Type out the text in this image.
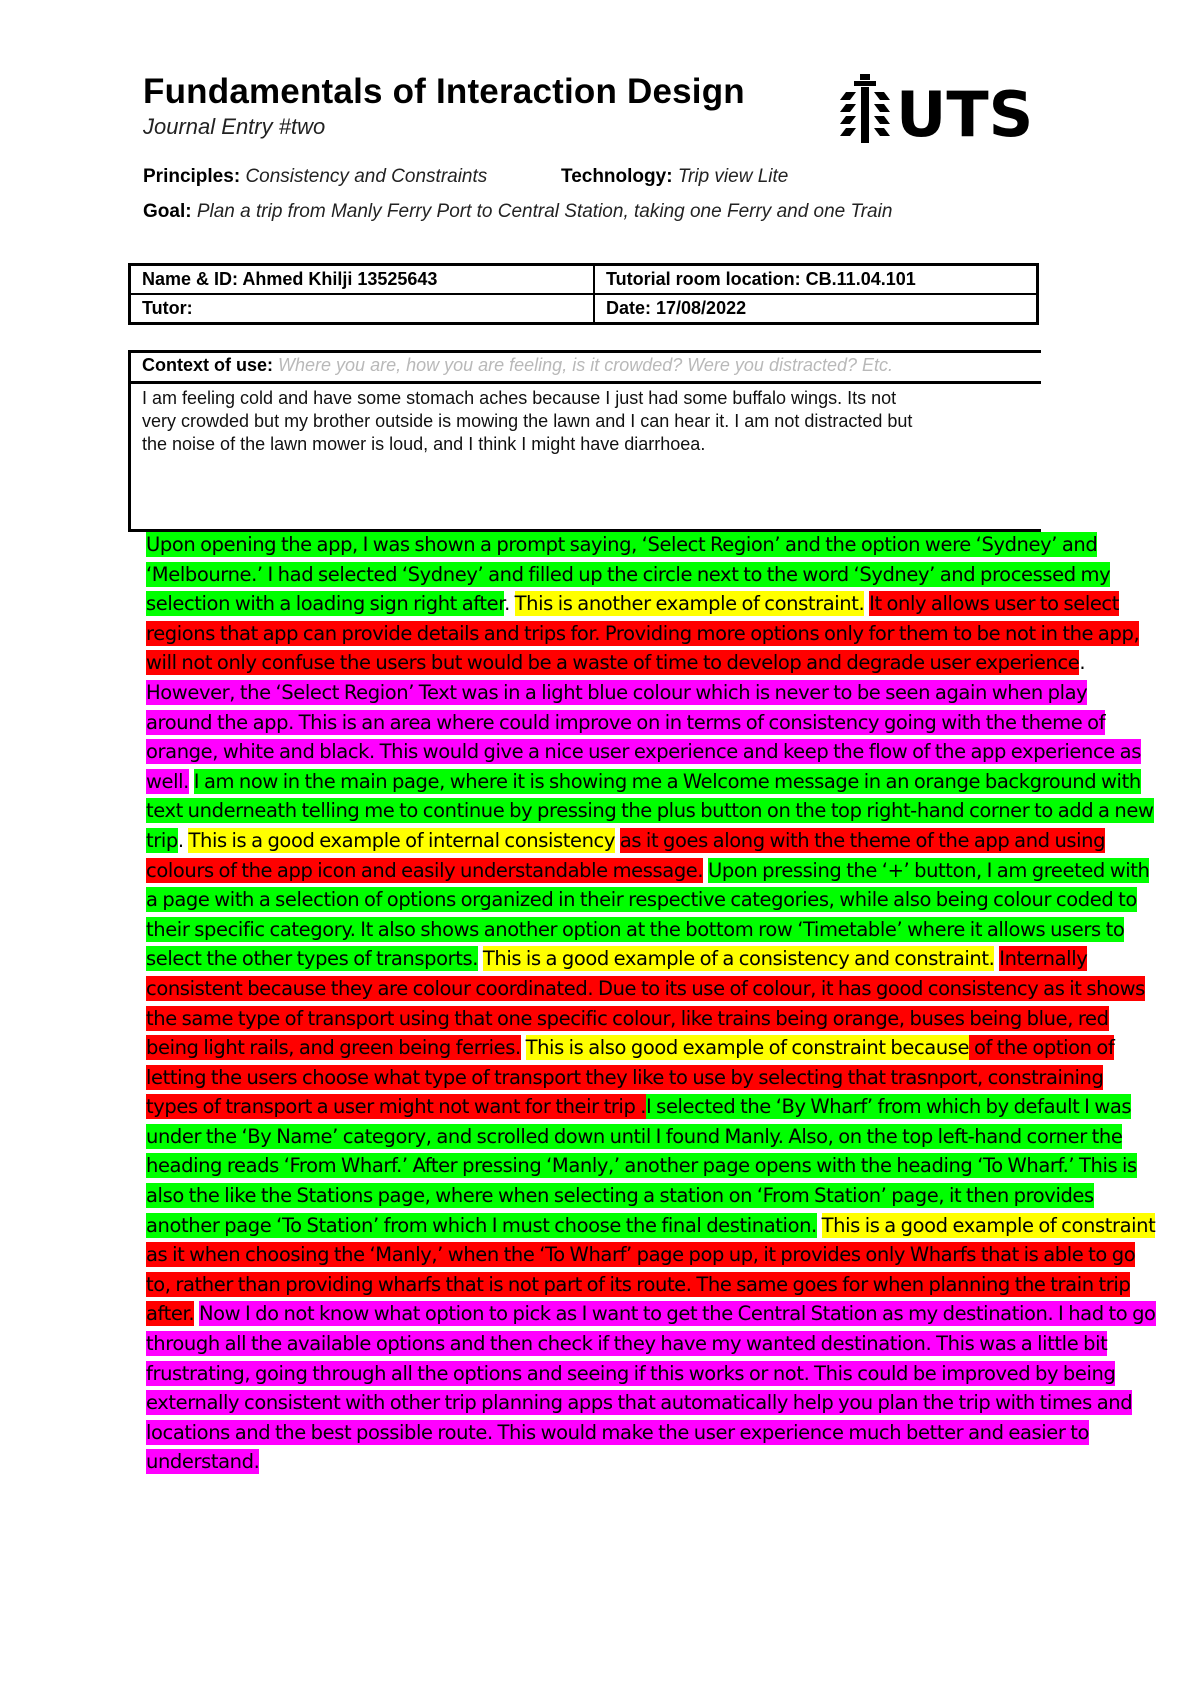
Fundamentals of Interaction Design
Journal Entry #two	UTS
Principles: Consistency and Constraints	Technology: Trip view Lite
Goal: Plan a trip from Manly Ferry Port to Central Station, taking one Ferry and one Train
Name & ID: Ahmed Khilji 13525643	Tutorial room location: CB.11.04.101
Tutor:	Date: 17/08/2022
Context of use: Where you are, how you are feeling, is it crowded? Were you distracted? Etc.
I am feeling cold and have some stomach aches because I just had some buffalo wings. Its not
very crowded but my brother outside is mowing the lawn and I can hear it. I am not distracted but
the noise of the lawn mower is loud, and I think I might have diarrhoea.
Upon opening the app, I was shown a prompt saying, ‘Select Region’ and the option were ‘Sydney’ and ‘Melbourne.’ I had selected ‘Sydney’ and filled up the circle next to the word ‘Sydney’ and processed my selection with a loading sign right after. This is another example of constraint. It only allows user to select regions that app can provide details and trips for. Providing more options only for them to be not in the app, will not only confuse the users but would be a waste of time to develop and degrade user experience. However, the ‘Select Region’ Text was in a light blue colour which is never to be seen again when play around the app. This is an area where could improve on in terms of consistency going with the theme of orange, white and black. This would give a nice user experience and keep the flow of the app experience as well. I am now in the main page, where it is showing me a Welcome message in an orange background with text underneath telling me to continue by pressing the plus button on the top right-hand corner to add a new trip. This is a good example of internal consistency as it goes along with the theme of the app and using colours of the app icon and easily understandable message. Upon pressing the ‘+’ button, I am greeted with a page with a selection of options organized in their respective categories, while also being colour coded to their specific category. It also shows another option at the bottom row ‘Timetable’ where it allows users to select the other types of transports. This is a good example of a consistency and constraint. Internally consistent because they are colour coordinated. Due to its use of colour, it has good consistency as it shows the same type of transport using that one specific colour, like trains being orange, buses being blue, red being light rails, and green being ferries. This is also good example of constraint because of the option of letting the users choose what type of transport they like to use by selecting that trasnport, constraining types of transport a user might not want for their trip .I selected the ‘By Wharf’ from which by default I was under the ‘By Name’ category, and scrolled down until I found Manly. Also, on the top left-hand corner the heading reads ‘From Wharf.’ After pressing ‘Manly,’ another page opens with the heading ‘To Wharf.’ This is also the like the Stations page, where when selecting a station on ‘From Station’ page, it then provides another page ‘To Station’ from which I must choose the final destination. This is a good example of constraint as it when choosing the ‘Manly,’ when the ‘To Wharf’ page pop up, it provides only Wharfs that is able to go to, rather than providing wharfs that is not part of its route. The same goes for when planning the train trip after. Now I do not know what option to pick as I want to get the Central Station as my destination. I had to go through all the available options and then check if they have my wanted destination. This was a little bit frustrating, going through all the options and seeing if this works or not. This could be improved by being externally consistent with other trip planning apps that automatically help you plan the trip with times and locations and the best possible route. This would make the user experience much better and easier to understand.
